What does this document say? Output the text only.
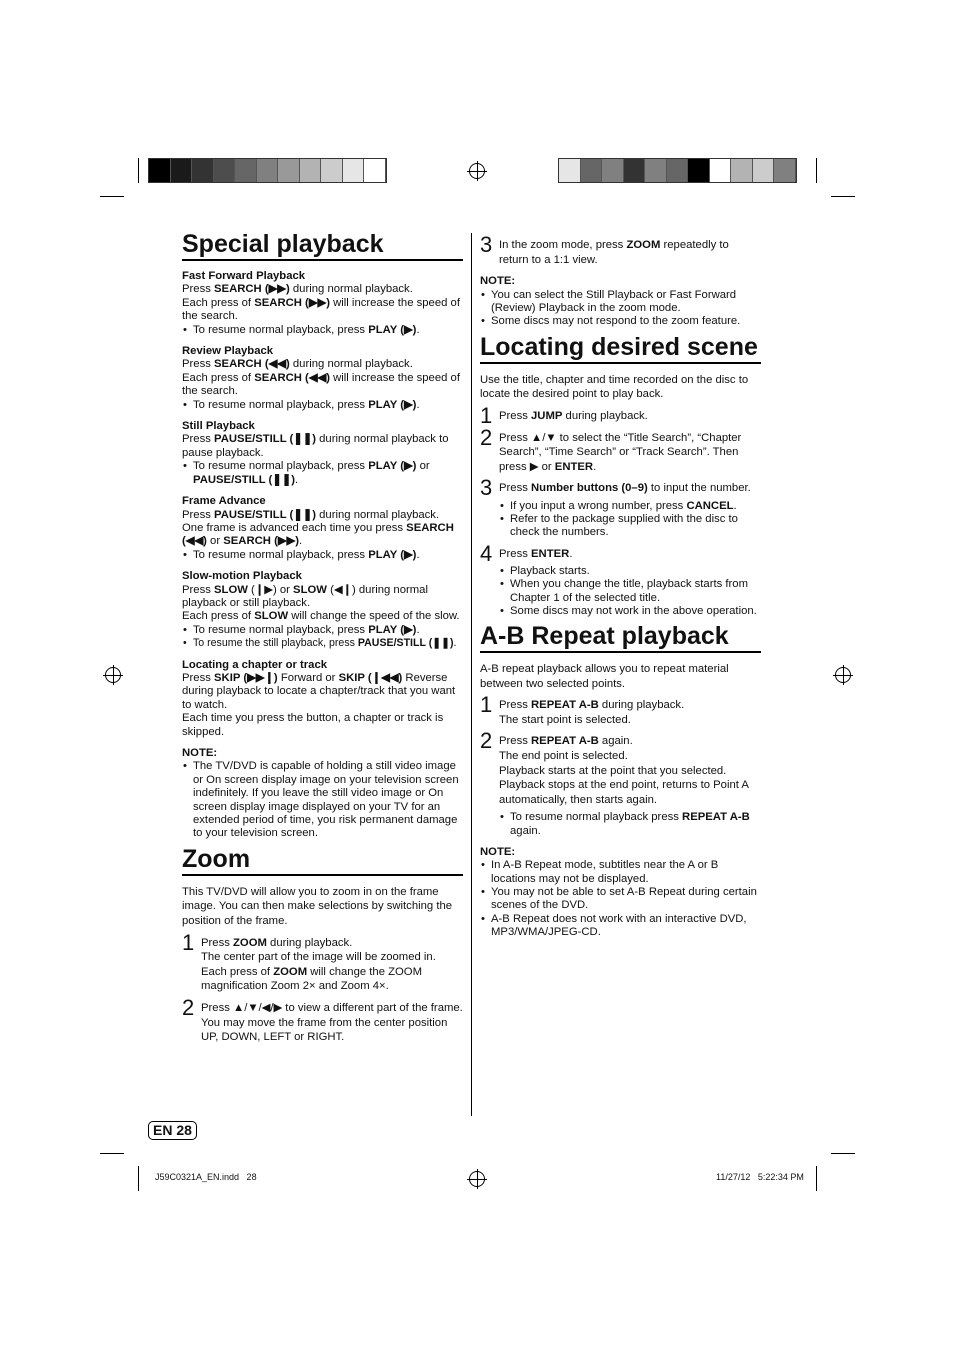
Special playback
Fast Forward Playback
Press SEARCH (▶▶) during normal playback.
Each press of SEARCH (▶▶) will increase the speed of the search.
• To resume normal playback, press PLAY (▶).
Review Playback
Press SEARCH (◀◀) during normal playback.
Each press of SEARCH (◀◀) will increase the speed of the search.
• To resume normal playback, press PLAY (▶).
Still Playback
Press PAUSE/STILL (❚❚) during normal playback to pause playback.
• To resume normal playback, press PLAY (▶) or PAUSE/STILL (❚❚).
Frame Advance
Press PAUSE/STILL (❚❚) during normal playback.
One frame is advanced each time you press SEARCH (◀◀) or SEARCH (▶▶).
• To resume normal playback, press PLAY (▶).
Slow-motion Playback
Press SLOW (❙▶) or SLOW (◀❙) during normal playback or still playback.
Each press of SLOW will change the speed of the slow.
• To resume normal playback, press PLAY (▶).
• To resume the still playback, press PAUSE/STILL (❚❚).
Locating a chapter or track
Press SKIP (▶▶❙) Forward or SKIP (❙◀◀) Reverse during playback to locate a chapter/track that you want to watch.
Each time you press the button, a chapter or track is skipped.
NOTE:
• The TV/DVD is capable of holding a still video image or On screen display image on your television screen indefinitely. If you leave the still video image or On screen display image displayed on your TV for an extended period of time, you risk permanent damage to your television screen.
Zoom
This TV/DVD will allow you to zoom in on the frame image. You can then make selections by switching the position of the frame.
1 Press ZOOM during playback.
The center part of the image will be zoomed in.
Each press of ZOOM will change the ZOOM magnification Zoom 2× and Zoom 4×.
2 Press ▲/▼/◀/▶ to view a different part of the frame.
You may move the frame from the center position UP, DOWN, LEFT or RIGHT.
3 In the zoom mode, press ZOOM repeatedly to return to a 1:1 view.
NOTE:
• You can select the Still Playback or Fast Forward (Review) Playback in the zoom mode.
• Some discs may not respond to the zoom feature.
Locating desired scene
Use the title, chapter and time recorded on the disc to locate the desired point to play back.
1 Press JUMP during playback.
2 Press ▲/▼ to select the “Title Search”, “Chapter Search”, “Time Search” or “Track Search”. Then press ▶ or ENTER.
3 Press Number buttons (0–9) to input the number.
• If you input a wrong number, press CANCEL.
• Refer to the package supplied with the disc to check the numbers.
4 Press ENTER.
• Playback starts.
• When you change the title, playback starts from Chapter 1 of the selected title.
• Some discs may not work in the above operation.
A-B Repeat playback
A-B repeat playback allows you to repeat material between two selected points.
1 Press REPEAT A-B during playback.
The start point is selected.
2 Press REPEAT A-B again.
The end point is selected.
Playback starts at the point that you selected.
Playback stops at the end point, returns to Point A automatically, then starts again.
• To resume normal playback press REPEAT A-B again.
NOTE:
• In A-B Repeat mode, subtitles near the A or B locations may not be displayed.
• You may not be able to set A-B Repeat during certain scenes of the DVD.
• A-B Repeat does not work with an interactive DVD, MP3/WMA/JPEG-CD.
EN 28
J59C0321A_EN.indd   28	11/27/12   5:22:34 PM
